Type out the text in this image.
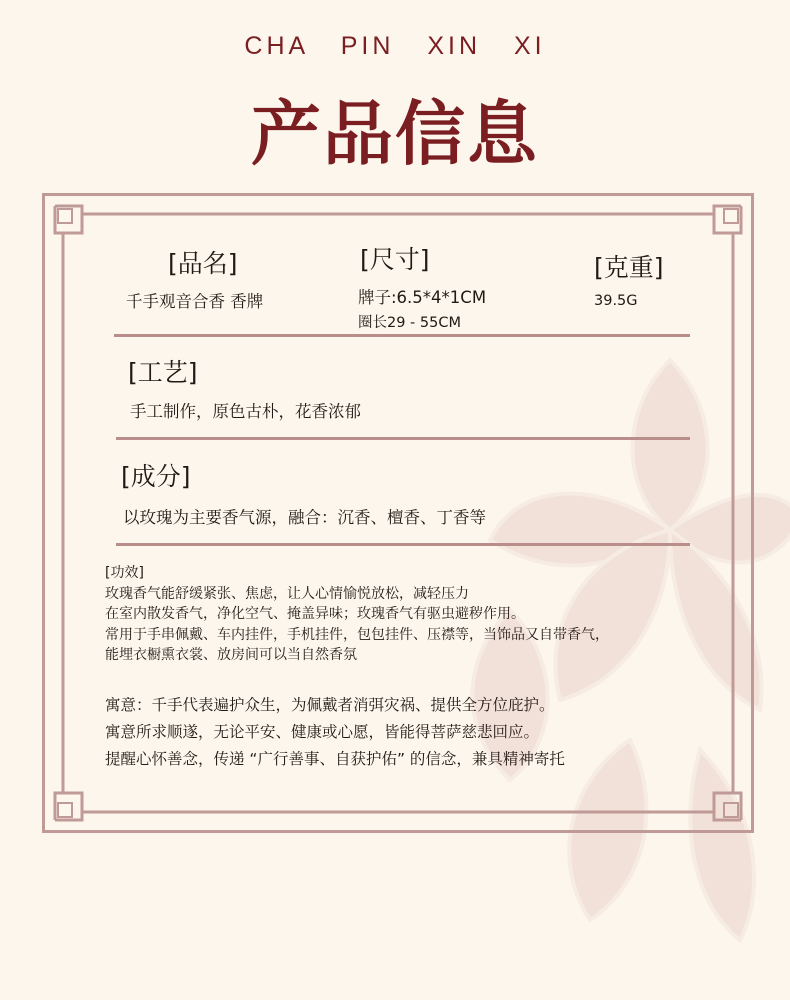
CHA PIN XIN XI
产品信息
[品名]
千手观音合香 香牌
[尺寸]
牌子:6.5*4*1CM
圈长29 - 55CM
[克重]
39.5G
[工艺]
手工制作，原色古朴，花香浓郁
[成分]
以玫瑰为主要香气源，融合：沉香、檀香、丁香等
[功效]
玫瑰香气能舒缓紧张、焦虑，让人心情愉悦放松，减轻压力
在室内散发香气，净化空气、掩盖异味；玫瑰香气有驱虫避秽作用。
常用于手串佩戴、车内挂件，手机挂件，包包挂件、压襟等，当饰品又自带香气，
能埋衣橱熏衣裳、放房间可以当自然香氛
寓意：千手代表遍护众生，为佩戴者消弭灾祸、提供全方位庇护。
寓意所求顺遂，无论平安、健康或心愿，皆能得菩萨慈悲回应。
提醒心怀善念，传递 “广行善事、自获护佑” 的信念，兼具精神寄托
